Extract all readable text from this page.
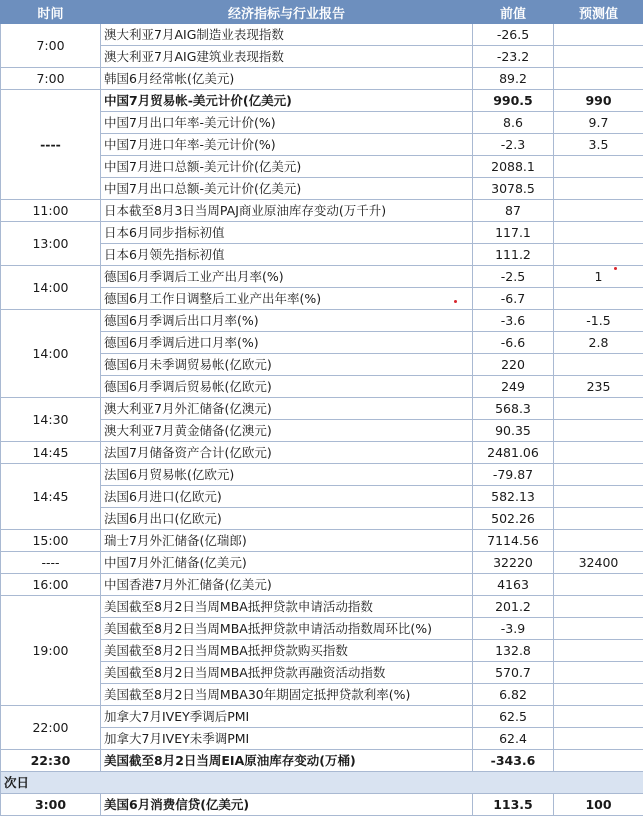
时间	经济指标与行业报告	前值	预测值
7:00	澳大利亚7月AIG制造业表现指数	-26.5	
	澳大利亚7月AIG建筑业表现指数	-23.2	
7:00	韩国6月经常帐(亿美元)	89.2	
----	中国7月贸易帐-美元计价(亿美元)	990.5	990
	中国7月出口年率-美元计价(%)	8.6	9.7
	中国7月进口年率-美元计价(%)	-2.3	3.5
	中国7月进口总额-美元计价(亿美元)	2088.1	
	中国7月出口总额-美元计价(亿美元)	3078.5	
11:00	日本截至8月3日当周PAJ商业原油库存变动(万千升)	87	
13:00	日本6月同步指标初值	117.1	
	日本6月领先指标初值	111.2	
14:00	德国6月季调后工业产出月率(%)	-2.5	1
	德国6月工作日调整后工业产出年率(%)	-6.7	
14:00	德国6月季调后出口月率(%)	-3.6	-1.5
	德国6月季调后进口月率(%)	-6.6	2.8
	德国6月未季调贸易帐(亿欧元)	220	
	德国6月季调后贸易帐(亿欧元)	249	235
14:30	澳大利亚7月外汇储备(亿澳元)	568.3	
	澳大利亚7月黄金储备(亿澳元)	90.35	
14:45	法国7月储备资产合计(亿欧元)	2481.06	
14:45	法国6月贸易帐(亿欧元)	-79.87	
	法国6月进口(亿欧元)	582.13	
	法国6月出口(亿欧元)	502.26	
15:00	瑞士7月外汇储备(亿瑞郎)	7114.56	
----	中国7月外汇储备(亿美元)	32220	32400
16:00	中国香港7月外汇储备(亿美元)	4163	
19:00	美国截至8月2日当周MBA抵押贷款申请活动指数	201.2	
	美国截至8月2日当周MBA抵押贷款申请活动指数周环比(%)	-3.9	
	美国截至8月2日当周MBA抵押贷款购买指数	132.8	
	美国截至8月2日当周MBA抵押贷款再融资活动指数	570.7	
	美国截至8月2日当周MBA30年期固定抵押贷款利率(%)	6.82	
22:00	加拿大7月IVEY季调后PMI	62.5	
	加拿大7月IVEY未季调PMI	62.4	
22:30	美国截至8月2日当周EIA原油库存变动(万桶)	-343.6	
次日			
3:00	美国6月消费信贷(亿美元)	113.5	100
